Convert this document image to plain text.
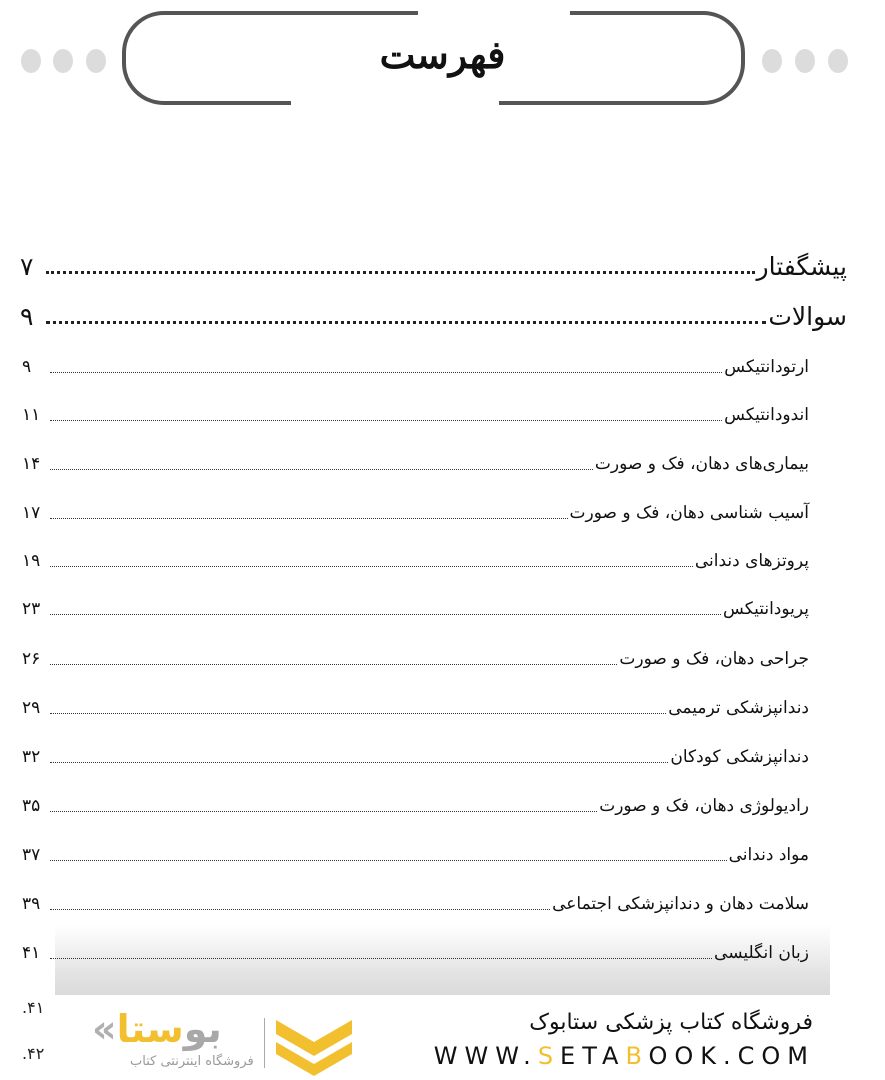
فهرست
پیشگفتار
۷
سوالات
۹
ارتودانتیکس
۹
اندودانتیکس
۱۱
بیماری‌های دهان، فک و صورت
۱۴
آسیب شناسی دهان، فک و صورت
۱۷
پروتزهای دندانی
۱۹
پریودانتیکس
۲۳
جراحی دهان، فک و صورت
۲۶
دندانپزشکی ترمیمی
۲۹
دندانپزشکی کودکان
۳۲
رادیولوژی دهان، فک و صورت
۳۵
مواد دندانی
۳۷
سلامت دهان و دندانپزشکی اجتماعی
۳۹
زبان انگلیسی
۴۱
۴۱.
۴۲.
« بوستا
فروشگاه اینترنتی کتاب
فروشگاه کتاب پزشکی ستابوک
WWW.SETABOOK.COM
